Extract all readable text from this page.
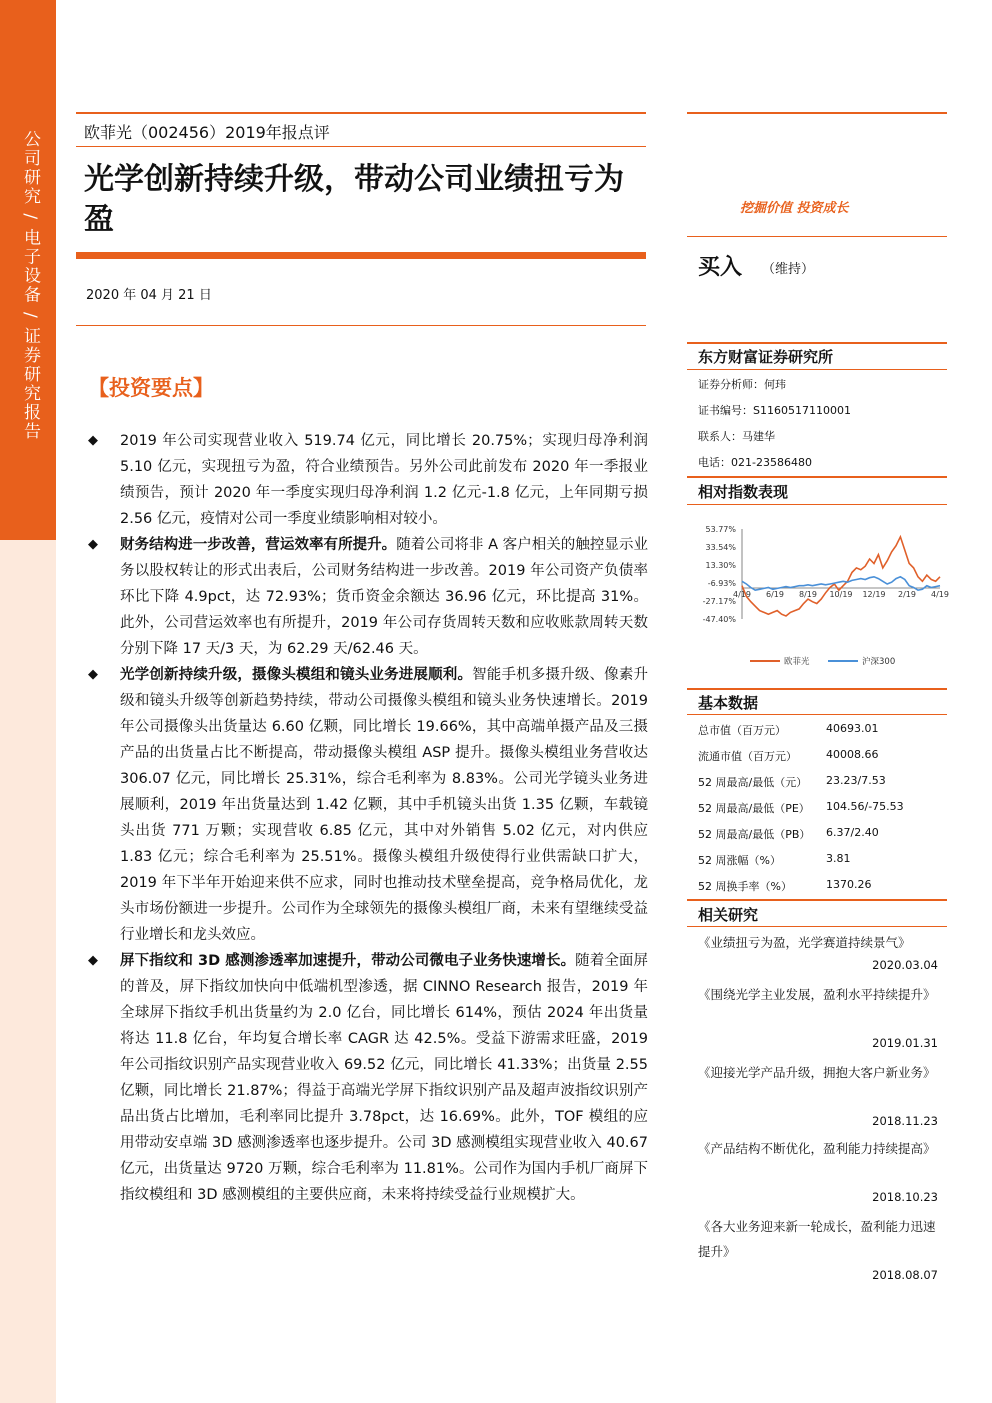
公司研究 / 电子设备 / 证券研究报告	欧菲光（002456）2019年报点评
光学创新持续升级，带动公司业绩扭亏为盈
2020 年 04 月 21 日
【投资要点】
◆ 2019 年公司实现营业收入 519.74 亿元，同比增长 20.75%；实现归母净利润 5.10 亿元，实现扭亏为盈，符合业绩预告。另外公司此前发布 2020 年一季报业绩预告，预计 2020 年一季度实现归母净利润 1.2 亿元-1.8 亿元，上年同期亏损 2.56 亿元，疫情对公司一季度业绩影响相对较小。
◆ 财务结构进一步改善，营运效率有所提升。随着公司将非 A 客户相关的触控显示业务以股权转让的形式出表后，公司财务结构进一步改善。2019 年公司资产负债率环比下降 4.9pct，达 72.93%；货币资金余额达 36.96 亿元，环比提高 31%。此外，公司营运效率也有所提升，2019 年公司存货周转天数和应收账款周转天数分别下降 17 天/3 天，为 62.29 天/62.46 天。
◆ 光学创新持续升级，摄像头模组和镜头业务进展顺利。智能手机多摄升级、像素升级和镜头升级等创新趋势持续，带动公司摄像头模组和镜头业务快速增长。2019 年公司摄像头出货量达 6.60 亿颗，同比增长 19.66%，其中高端单摄产品及三摄产品的出货量占比不断提高，带动摄像头模组 ASP 提升。摄像头模组业务营收达 306.07 亿元，同比增长 25.31%，综合毛利率为 8.83%。公司光学镜头业务进展顺利，2019 年出货量达到 1.42 亿颗，其中手机镜头出货 1.35 亿颗，车载镜头出货 771 万颗；实现营收 6.85 亿元，其中对外销售 5.02 亿元，对内供应 1.83 亿元；综合毛利率为 25.51%。摄像头模组升级使得行业供需缺口扩大，2019 年下半年开始迎来供不应求，同时也推动技术壁垒提高，竞争格局优化，龙头市场份额进一步提升。公司作为全球领先的摄像头模组厂商，未来有望继续受益行业增长和龙头效应。
◆ 屏下指纹和 3D 感测渗透率加速提升，带动公司微电子业务快速增长。随着全面屏的普及，屏下指纹加快向中低端机型渗透，据 CINNO Research 报告，2019 年全球屏下指纹手机出货量约为 2.0 亿台，同比增长 614%，预估 2024 年出货量将达 11.8 亿台，年均复合增长率 CAGR 达 42.5%。受益下游需求旺盛，2019 年公司指纹识别产品实现营业收入 69.52 亿元，同比增长 41.33%；出货量 2.55 亿颗，同比增长 21.87%；得益于高端光学屏下指纹识别产品及超声波指纹识别产品出货占比增加，毛利率同比提升 3.78pct，达 16.69%。此外，TOF 模组的应用带动安卓端 3D 感测渗透率也逐步提升。公司 3D 感测模组实现营业收入 40.67 亿元，出货量达 9720 万颗，综合毛利率为 11.81%。公司作为国内手机厂商屏下指纹模组和 3D 感测模组的主要供应商，未来将持续受益行业规模扩大。
挖掘价值 投资成长
买入 （维持）
东方财富证券研究所
证券分析师：何玮
证书编号：S1160517110001
联系人：马建华
电话：021-23586480
相对指数表现
53.77%
33.54%
13.30%
-6.93%
-27.17%
-47.40%
4/19 6/19 8/19 10/19 12/19 2/19 4/19
欧菲光	沪深300
基本数据
总市值（百万元）	40693.01
流通市值（百万元）	40008.66
52 周最高/最低（元） 23.23/7.53
52 周最高/最低（PE） 104.56/-75.53
52 周最高/最低（PB） 6.37/2.40
52 周涨幅（%）	3.81
52 周换手率（%）	1370.26
相关研究
《业绩扭亏为盈，光学赛道持续景气》
2020.03.04
《围绕光学主业发展，盈利水平持续提升》
2019.01.31
《迎接光学产品升级，拥抱大客户新业务》
2018.11.23
《产品结构不断优化，盈利能力持续提高》
2018.10.23
《各大业务迎来新一轮成长，盈利能力迅速提升》
2018.08.07
